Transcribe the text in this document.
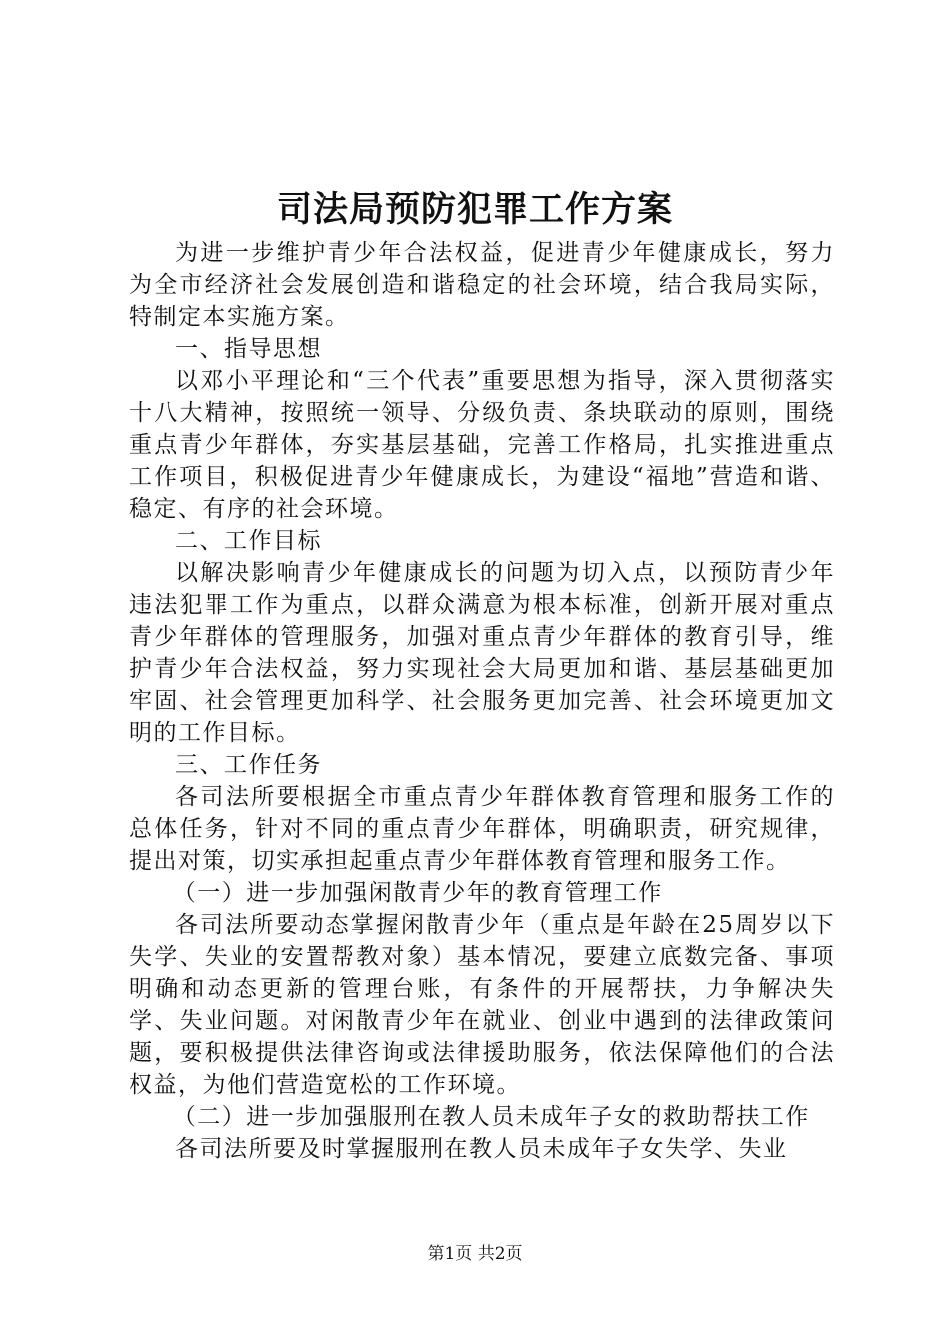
司法局预防犯罪工作方案

为进一步维护青少年合法权益，促进青少年健康成长，努力为全市经济社会发展创造和谐稳定的社会环境，结合我局实际，特制定本实施方案。

一、指导思想

以邓小平理论和“三个代表”重要思想为指导，深入贯彻落实十八大精神，按照统一领导、分级负责、条块联动的原则，围绕重点青少年群体，夯实基层基础，完善工作格局，扎实推进重点工作项目，积极促进青少年健康成长，为建设“福地”营造和谐、稳定、有序的社会环境。

二、工作目标

以解决影响青少年健康成长的问题为切入点，以预防青少年违法犯罪工作为重点，以群众满意为根本标准，创新开展对重点青少年群体的管理服务，加强对重点青少年群体的教育引导，维护青少年合法权益，努力实现社会大局更加和谐、基层基础更加牢固、社会管理更加科学、社会服务更加完善、社会环境更加文明的工作目标。

三、工作任务

各司法所要根据全市重点青少年群体教育管理和服务工作的总体任务，针对不同的重点青少年群体，明确职责，研究规律，提出对策，切实承担起重点青少年群体教育管理和服务工作。

（一）进一步加强闲散青少年的教育管理工作

各司法所要动态掌握闲散青少年（重点是年龄在25周岁以下失学、失业的安置帮教对象）基本情况，要建立底数完备、事项明确和动态更新的管理台账，有条件的开展帮扶，力争解决失学、失业问题。对闲散青少年在就业、创业中遇到的法律政策问题，要积极提供法律咨询或法律援助服务，依法保障他们的合法权益，为他们营造宽松的工作环境。

（二）进一步加强服刑在教人员未成年子女的救助帮扶工作

各司法所要及时掌握服刑在教人员未成年子女失学、失业

第1页 共2页
